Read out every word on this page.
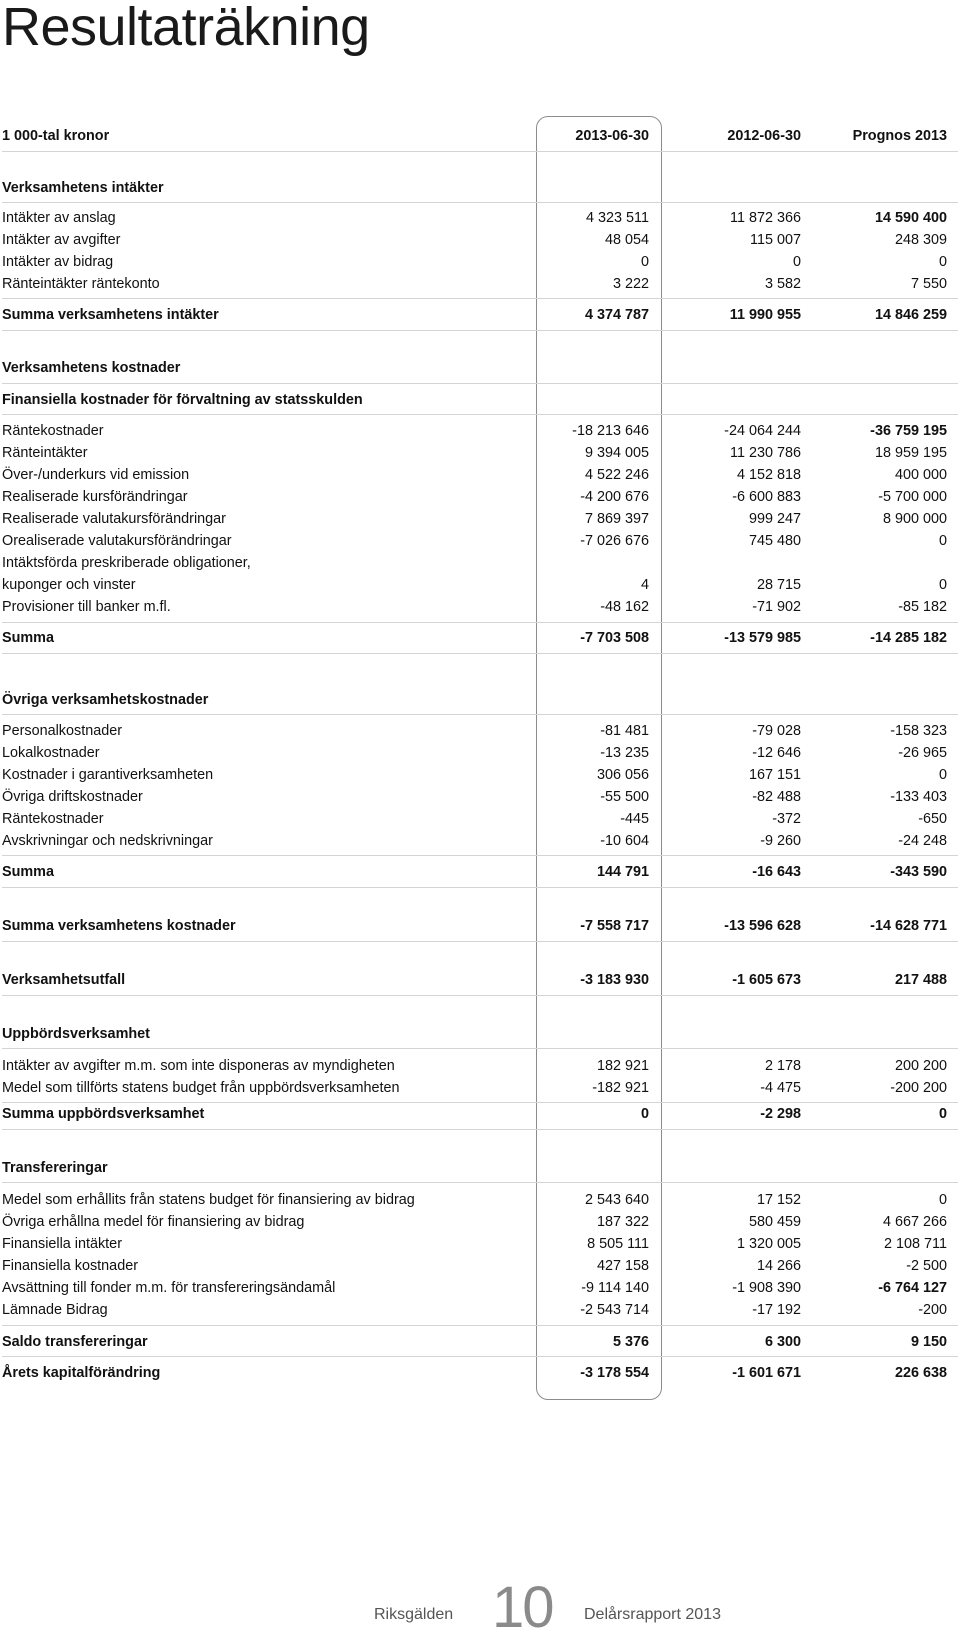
Resultaträkning
1 000-tal kronor	2013-06-30	2012-06-30	Prognos 2013
Verksamhetens intäkter
Intäkter av anslag	4 323 511	11 872 366	14 590 400
Intäkter av avgifter	48 054	115 007	248 309
Intäkter av bidrag	0	0	0
Ränteintäkter räntekonto	3 222	3 582	7 550
Summa verksamhetens intäkter	4 374 787	11 990 955	14 846 259
Verksamhetens kostnader
Finansiella kostnader för förvaltning av statsskulden
Räntekostnader	-18 213 646	-24 064 244	-36 759 195
Ränteintäkter	9 394 005	11 230 786	18 959 195
Över-/underkurs vid emission	4 522 246	4 152 818	400 000
Realiserade kursförändringar	-4 200 676	-6 600 883	-5 700 000
Realiserade valutakursförändringar	7 869 397	999 247	8 900 000
Orealiserade valutakursförändringar	-7 026 676	745 480	0
Intäktsförda preskriberade obligationer,
kuponger och vinster	4	28 715	0
Provisioner till banker m.fl.	-48 162	-71 902	-85 182
Summa	-7 703 508	-13 579 985	-14 285 182
Övriga verksamhetskostnader
Personalkostnader	-81 481	-79 028	-158 323
Lokalkostnader	-13 235	-12 646	-26 965
Kostnader i garantiverksamheten	306 056	167 151	0
Övriga driftskostnader	-55 500	-82 488	-133 403
Räntekostnader	-445	-372	-650
Avskrivningar och nedskrivningar	-10 604	-9 260	-24 248
Summa	144 791	-16 643	-343 590
Summa verksamhetens kostnader	-7 558 717	-13 596 628	-14 628 771
Verksamhetsutfall	-3 183 930	-1 605 673	217 488
Uppbördsverksamhet
Intäkter av avgifter m.m. som inte disponeras av myndigheten	182 921	2 178	200 200
Medel som tillförts statens budget från uppbördsverksamheten	-182 921	-4 475	-200 200
Summa uppbördsverksamhet	0	-2 298	0
Transfereringar
Medel som erhållits från statens budget för finansiering av bidrag	2 543 640	17 152	0
Övriga erhållna medel för finansiering av bidrag	187 322	580 459	4 667 266
Finansiella intäkter	8 505 111	1 320 005	2 108 711
Finansiella kostnader	427 158	14 266	-2 500
Avsättning till fonder m.m. för transfereringsändamål	-9 114 140	-1 908 390	-6 764 127
Lämnade Bidrag	-2 543 714	-17 192	-200
Saldo transfereringar	5 376	6 300	9 150
Årets kapitalförändring	-3 178 554	-1 601 671	226 638
Riksgälden 10 Delårsrapport 2013
